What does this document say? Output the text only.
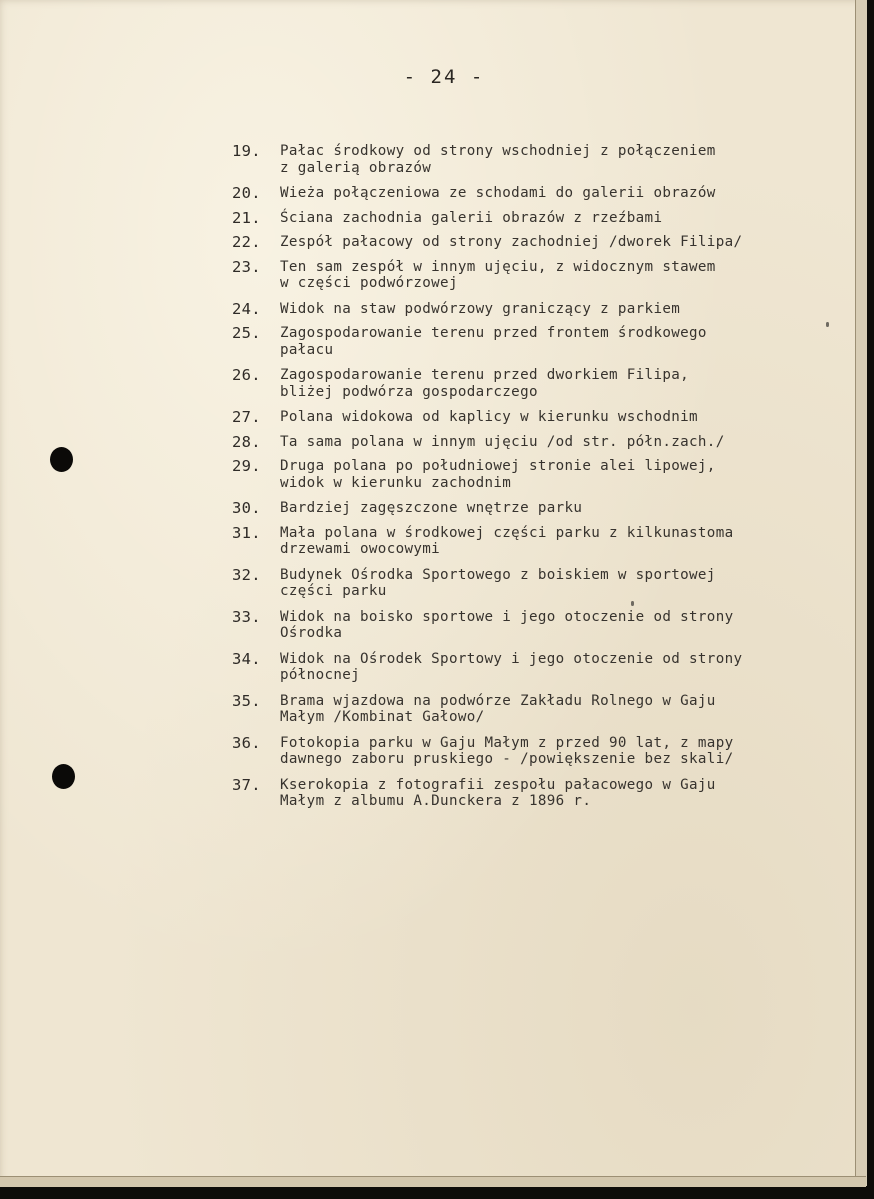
- 24 -
19.	Pałac środkowy od strony wschodniej z połączeniem
z galerią obrazów
20.	Wieża połączeniowa ze schodami do galerii obrazów
21.	Ściana zachodnia galerii obrazów z rzeźbami
22.	Zespół pałacowy od strony zachodniej /dworek Filipa/
23.	Ten sam zespół w innym ujęciu, z widocznym stawem
w części podwórzowej
24.	Widok na staw podwórzowy graniczący z parkiem
25.	Zagospodarowanie terenu przed frontem środkowego
pałacu
26.	Zagospodarowanie terenu przed dworkiem Filipa,
bliżej podwórza gospodarczego
27.	Polana widokowa od kaplicy w kierunku wschodnim
28.	Ta sama polana w innym ujęciu /od str. półn.zach./
29.	Druga polana po południowej stronie alei lipowej,
widok w kierunku zachodnim
30.	Bardziej zagęszczone wnętrze parku
31.	Mała polana w środkowej części parku z kilkunastoma
drzewami owocowymi
32.	Budynek Ośrodka Sportowego z boiskiem w sportowej
części parku
33.	Widok na boisko sportowe i jego otoczenie od strony
Ośrodka
34.	Widok na Ośrodek Sportowy i jego otoczenie od strony
północnej
35.	Brama wjazdowa na podwórze Zakładu Rolnego w Gaju
Małym /Kombinat Gałowo/
36.	Fotokopia parku w Gaju Małym z przed 90 lat, z mapy
dawnego zaboru pruskiego - /powiększenie bez skali/
37.	Kserokopia z fotografii zespołu pałacowego w Gaju
Małym z albumu A.Dunckera z 1896 r.
